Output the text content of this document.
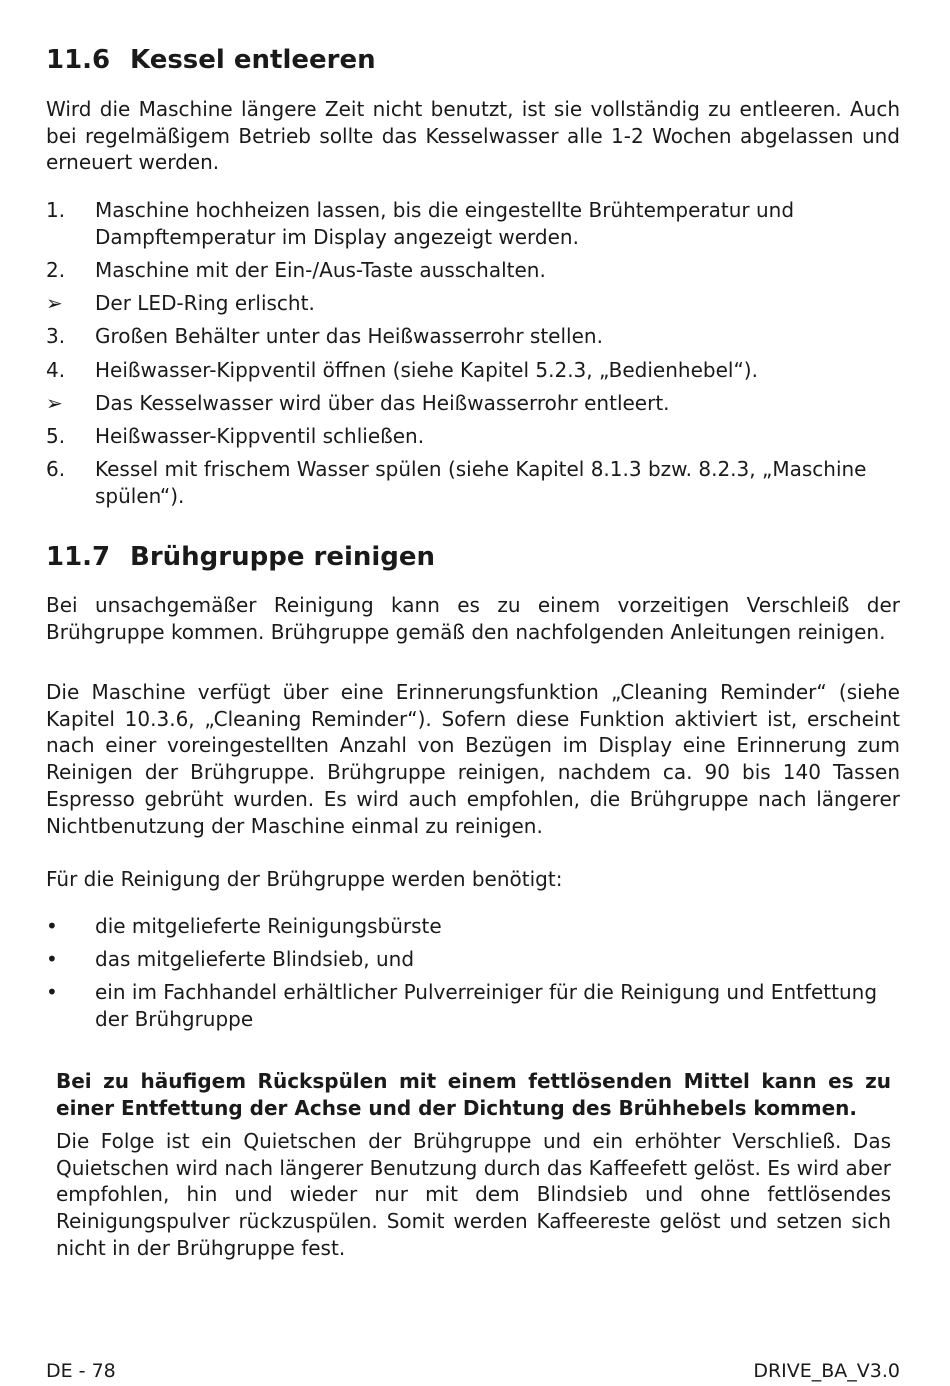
11.6 Kessel entleeren

Wird die Maschine längere Zeit nicht benutzt, ist sie vollständig zu entleeren. Auch bei regelmäßigem Betrieb sollte das Kesselwasser alle 1-2 Wochen abgelassen und erneuert werden.

1.	Maschine hochheizen lassen, bis die eingestellte Brühtemperatur und Dampftemperatur im Display angezeigt werden.
2.	Maschine mit der Ein-/Aus-Taste ausschalten.
➢	Der LED-Ring erlischt.
3.	Großen Behälter unter das Heißwasserrohr stellen.
4.	Heißwasser-Kippventil öffnen (siehe Kapitel 5.2.3, „Bedienhebel“).
➢	Das Kesselwasser wird über das Heißwasserrohr entleert.
5.	Heißwasser-Kippventil schließen.
6.	Kessel mit frischem Wasser spülen (siehe Kapitel 8.1.3 bzw. 8.2.3, „Maschine spülen“).
11.7 Brühgruppe reinigen

Bei unsachgemäßer Reinigung kann es zu einem vorzeitigen Verschleiß der Brühgruppe kommen. Brühgruppe gemäß den nachfolgenden Anleitungen reinigen.

Die Maschine verfügt über eine Erinnerungsfunktion „Cleaning Reminder“ (siehe Kapitel 10.3.6, „Cleaning Reminder“). Sofern diese Funktion aktiviert ist, erscheint nach einer voreingestellten Anzahl von Bezügen im Display eine Erinnerung zum Reinigen der Brühgruppe. Brühgruppe reinigen, nachdem ca. 90 bis 140 Tassen Espresso gebrüht wurden. Es wird auch empfohlen, die Brühgruppe nach längerer Nichtbenutzung der Maschine einmal zu reinigen.

Für die Reinigung der Brühgruppe werden benötigt:

•	die mitgelieferte Reinigungsbürste
•	das mitgelieferte Blindsieb, und
•	ein im Fachhandel erhältlicher Pulverreiniger für die Reinigung und Entfettung der Brühgruppe

Bei zu häufigem Rückspülen mit einem fettlösenden Mittel kann es zu einer Entfettung der Achse und der Dichtung des Brühhebels kommen.

Die Folge ist ein Quietschen der Brühgruppe und ein erhöhter Verschließ. Das Quietschen wird nach längerer Benutzung durch das Kaffeefett gelöst. Es wird aber empfohlen, hin und wieder nur mit dem Blindsieb und ohne fettlösendes Reinigungspulver rückzuspülen. Somit werden Kaffeereste gelöst und setzen sich nicht in der Brühgruppe fest.

DE - 78	DRIVE_BA_V3.0
